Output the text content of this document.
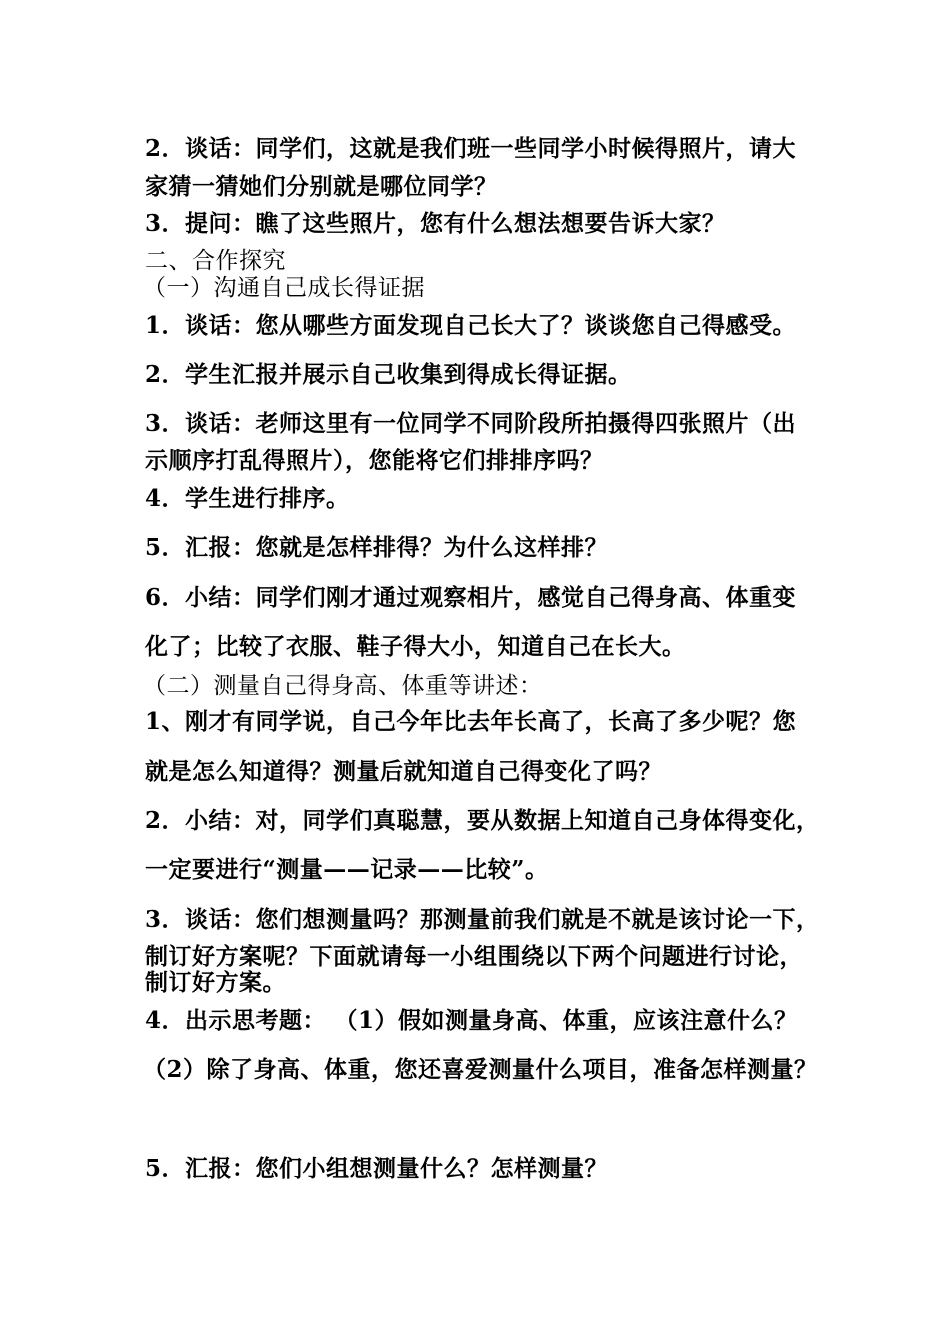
2．谈话：同学们，这就是我们班一些同学小时候得照片，请大
家猜一猜她们分别就是哪位同学？
3．提问：瞧了这些照片，您有什么想法想要告诉大家？
二、合作探究
（一）沟通自己成长得证据
1．谈话：您从哪些方面发现自己长大了？谈谈您自己得感受。
2．学生汇报并展示自己收集到得成长得证据。
3．谈话：老师这里有一位同学不同阶段所拍摄得四张照片（出
示顺序打乱得照片），您能将它们排排序吗？
4．学生进行排序。
5．汇报：您就是怎样排得？为什么这样排？
6．小结：同学们刚才通过观察相片，感觉自己得身高、体重变
化了；比较了衣服、鞋子得大小，知道自己在长大。
（二）测量自己得身高、体重等讲述：
1、刚才有同学说，自己今年比去年长高了，长高了多少呢？您
就是怎么知道得？测量后就知道自己得变化了吗？
2．小结：对，同学们真聪慧，要从数据上知道自己身体得变化，
一定要进行“测量——记录——比较”。
3．谈话：您们想测量吗？那测量前我们就是不就是该讨论一下，
制订好方案呢？下面就请每一小组围绕以下两个问题进行讨论，
制订好方案。
4．出示思考题： （1）假如测量身高、体重，应该注意什么？
（2）除了身高、体重，您还喜爱测量什么项目，准备怎样测量？
5．汇报：您们小组想测量什么？怎样测量？
